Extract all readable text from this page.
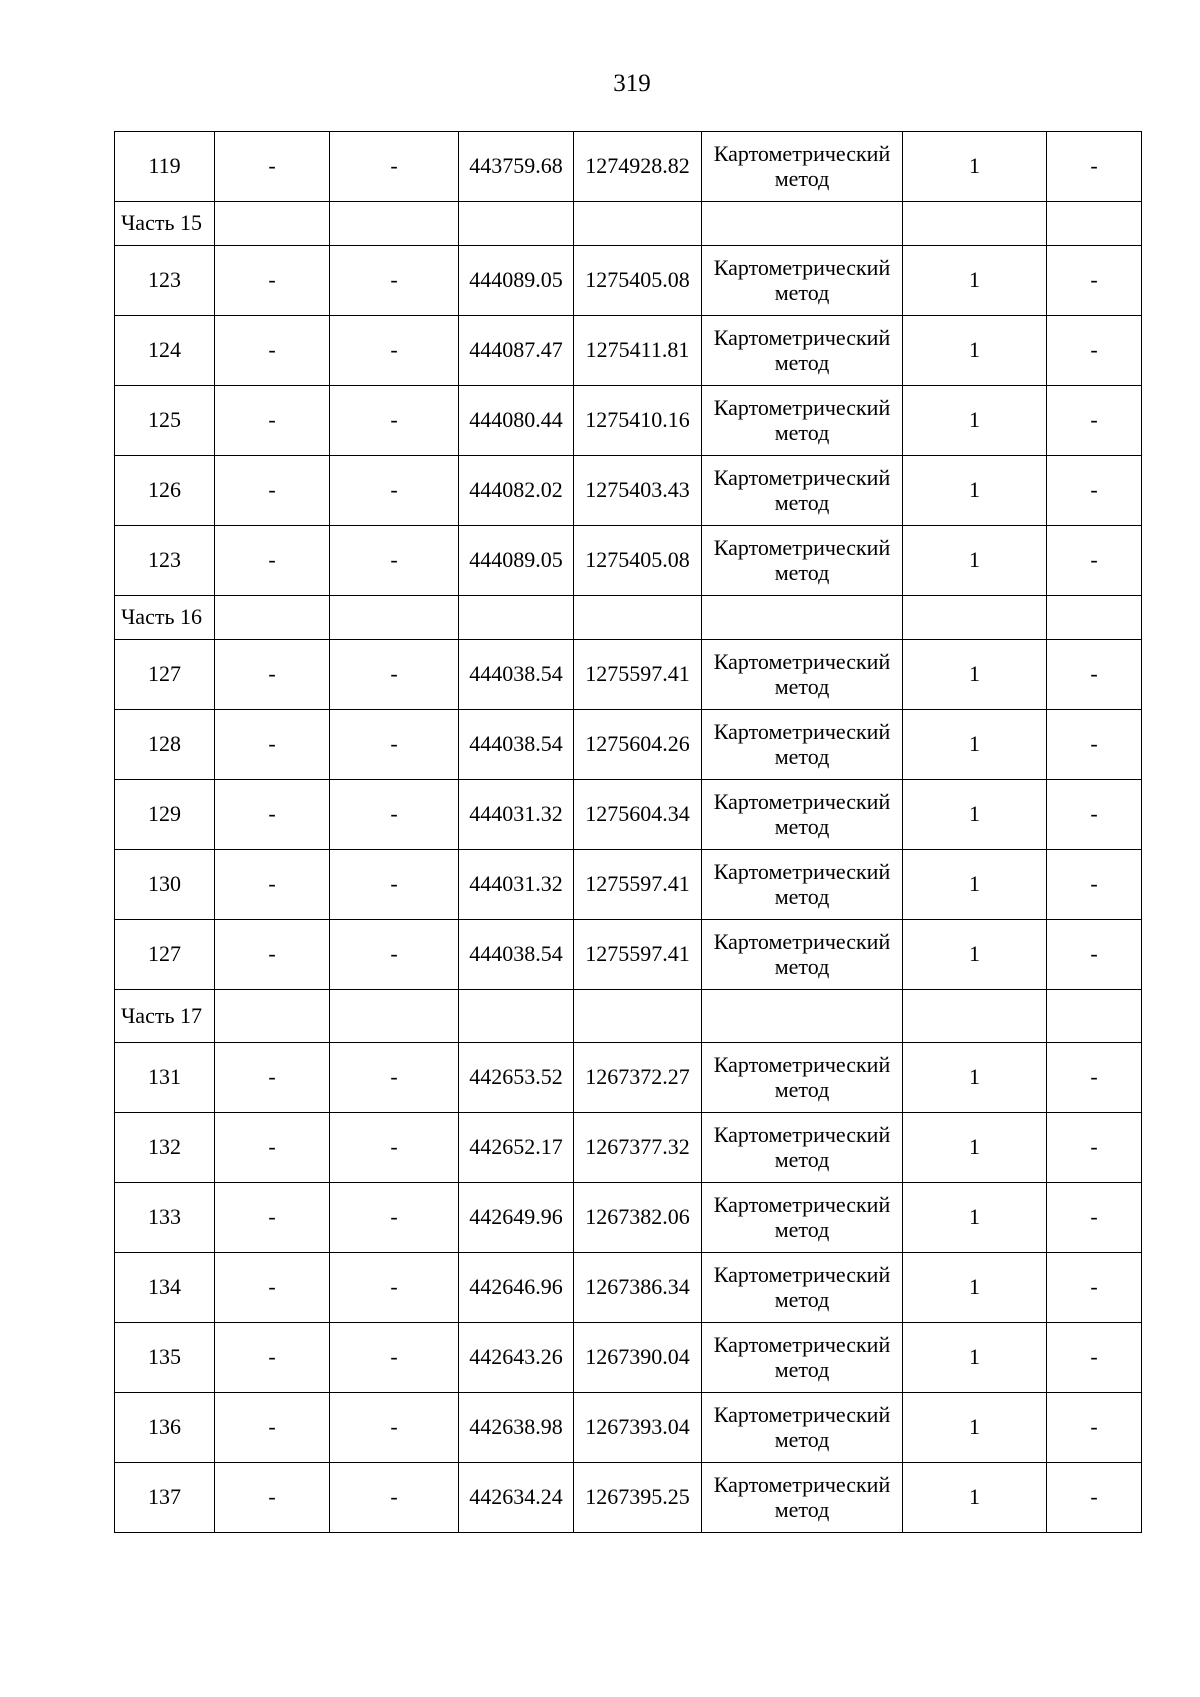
319
119	-	-	443759.68	1274928.82	Картометрический метод	1	-
Часть 15							
123	-	-	444089.05	1275405.08	Картометрический метод	1	-
124	-	-	444087.47	1275411.81	Картометрический метод	1	-
125	-	-	444080.44	1275410.16	Картометрический метод	1	-
126	-	-	444082.02	1275403.43	Картометрический метод	1	-
123	-	-	444089.05	1275405.08	Картометрический метод	1	-
Часть 16							
127	-	-	444038.54	1275597.41	Картометрический метод	1	-
128	-	-	444038.54	1275604.26	Картометрический метод	1	-
129	-	-	444031.32	1275604.34	Картометрический метод	1	-
130	-	-	444031.32	1275597.41	Картометрический метод	1	-
127	-	-	444038.54	1275597.41	Картометрический метод	1	-
Часть 17							
131	-	-	442653.52	1267372.27	Картометрический метод	1	-
132	-	-	442652.17	1267377.32	Картометрический метод	1	-
133	-	-	442649.96	1267382.06	Картометрический метод	1	-
134	-	-	442646.96	1267386.34	Картометрический метод	1	-
135	-	-	442643.26	1267390.04	Картометрический метод	1	-
136	-	-	442638.98	1267393.04	Картометрический метод	1	-
137	-	-	442634.24	1267395.25	Картометрический метод	1	-
